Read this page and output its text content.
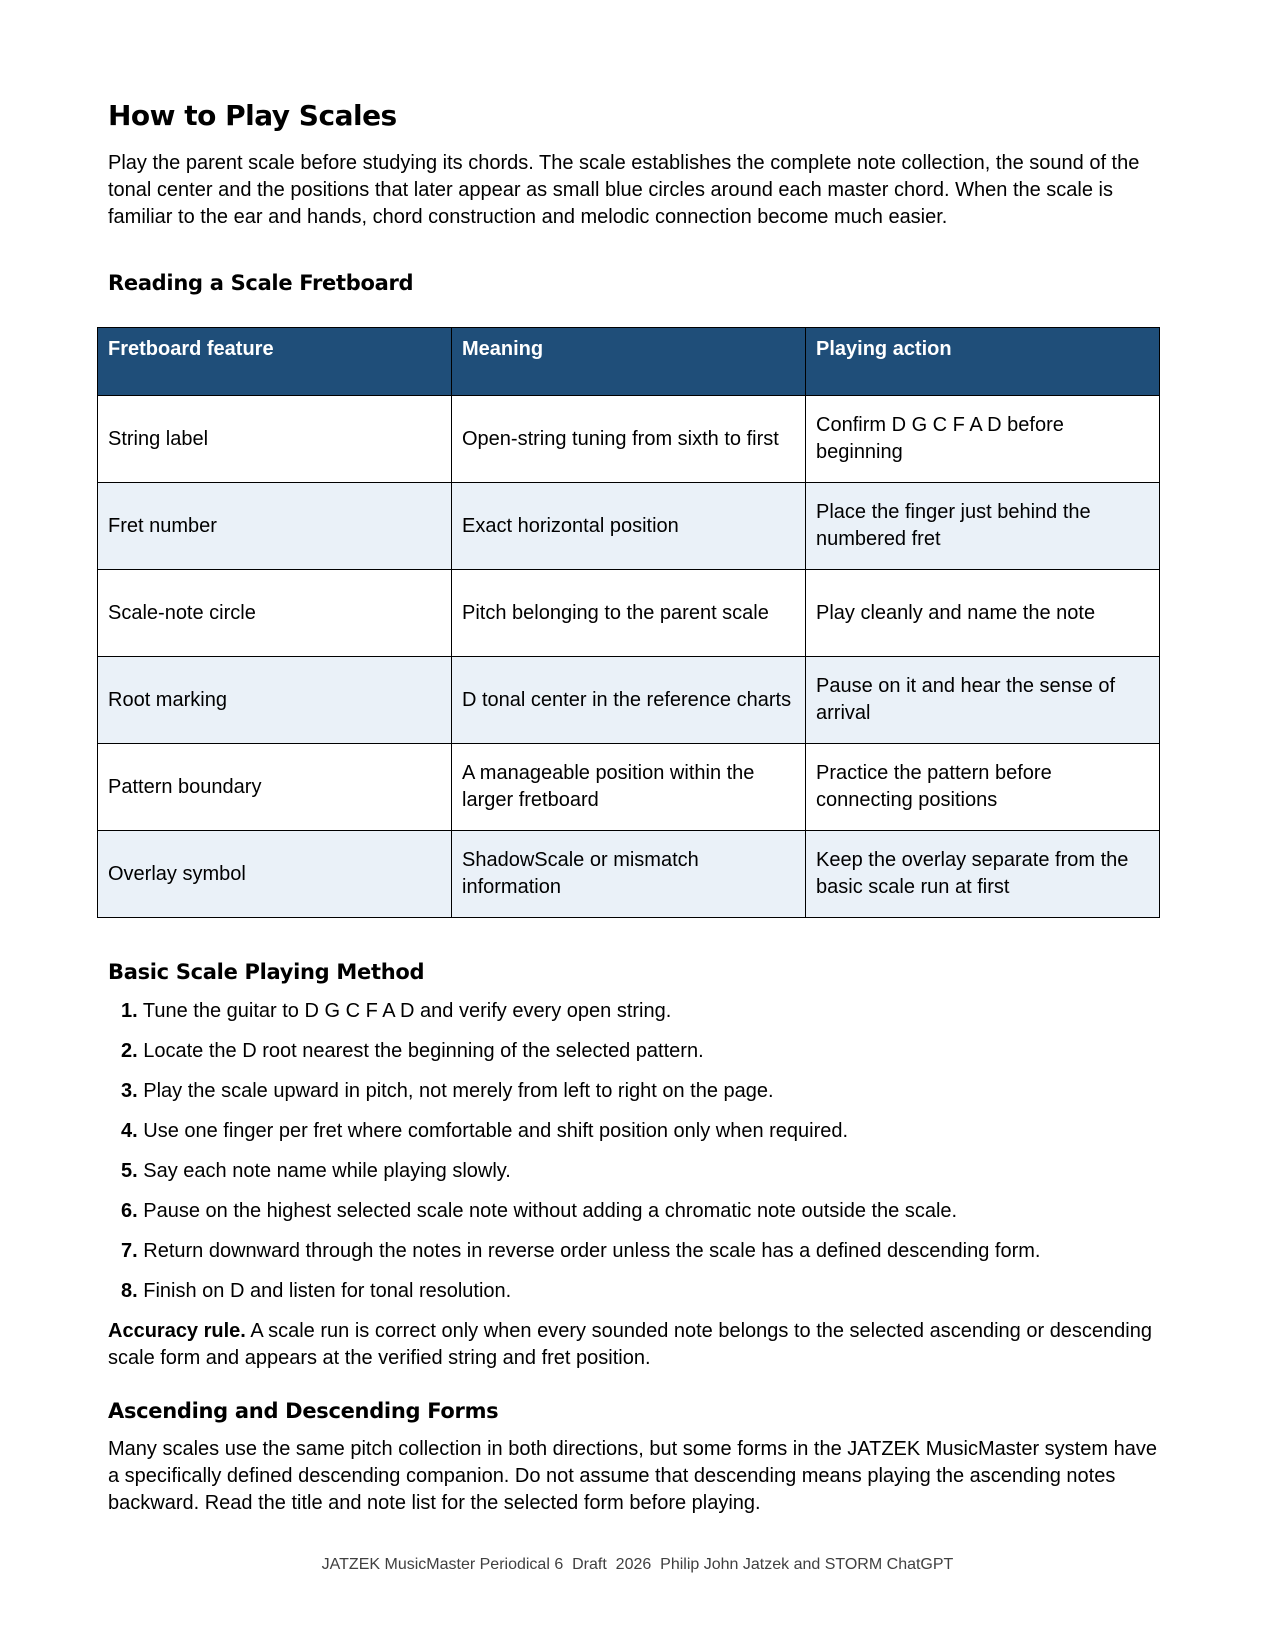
How to Play Scales

Play the parent scale before studying its chords. The scale establishes the complete note collection, the sound of the tonal center and the positions that later appear as small blue circles around each master chord. When the scale is familiar to the ear and hands, chord construction and melodic connection become much easier.

Reading a Scale Fretboard
Fretboard feature	Meaning	Playing action
String label	Open-string tuning from sixth to first	Confirm D G C F A D before beginning
Fret number	Exact horizontal position	Place the finger just behind the numbered fret
Scale-note circle	Pitch belonging to the parent scale	Play cleanly and name the note
Root marking	D tonal center in the reference charts	Pause on it and hear the sense of arrival
Pattern boundary	A manageable position within the larger fretboard	Practice the pattern before connecting positions
Overlay symbol	ShadowScale or mismatch information	Keep the overlay separate from the basic scale run at first
Basic Scale Playing Method
1. Tune the guitar to D G C F A D and verify every open string.
2. Locate the D root nearest the beginning of the selected pattern.
3. Play the scale upward in pitch, not merely from left to right on the page.
4. Use one finger per fret where comfortable and shift position only when required.
5. Say each note name while playing slowly.
6. Pause on the highest selected scale note without adding a chromatic note outside the scale.
7. Return downward through the notes in reverse order unless the scale has a defined descending form.
8. Finish on D and listen for tonal resolution.

Accuracy rule. A scale run is correct only when every sounded note belongs to the selected ascending or descending scale form and appears at the verified string and fret position.

Ascending and Descending Forms

Many scales use the same pitch collection in both directions, but some forms in the JATZEK MusicMaster system have a specifically defined descending companion. Do not assume that descending means playing the ascending notes backward. Read the title and note list for the selected form before playing.

JATZEK MusicMaster Periodical 6  Draft  2026  Philip John Jatzek and STORM ChatGPT
